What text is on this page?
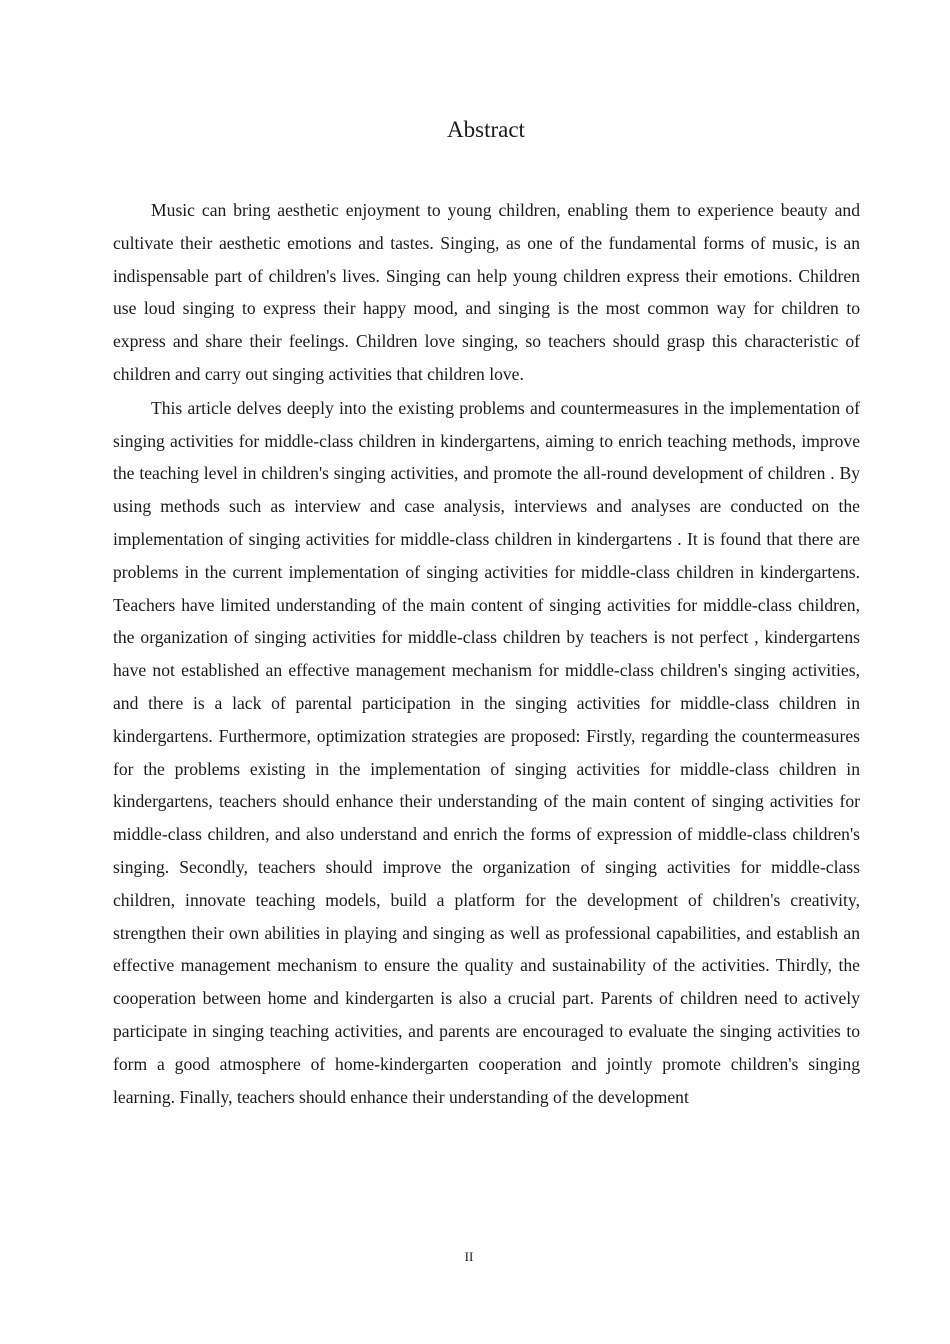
Abstract

Music can bring aesthetic enjoyment to young children, enabling them to experience beauty and cultivate their aesthetic emotions and tastes. Singing, as one of the fundamental forms of music, is an indispensable part of children's lives. Singing can help young children express their emotions. Children use loud singing to express their happy mood, and singing is the most common way for children to express and share their feelings. Children love singing, so teachers should grasp this characteristic of children and carry out singing activities that children love.

This article delves deeply into the existing problems and countermeasures in the implementation of singing activities for middle-class children in kindergartens, aiming to enrich teaching methods, improve the teaching level in children's singing activities, and promote the all-round development of children . By using methods such as interview and case analysis, interviews and analyses are conducted on the implementation of singing activities for middle-class children in kindergartens . It is found that there are problems in the current implementation of singing activities for middle-class children in kindergartens. Teachers have limited understanding of the main content of singing activities for middle-class children, the organization of singing activities for middle-class children by teachers is not perfect , kindergartens have not established an effective management mechanism for middle-class children's singing activities, and there is a lack of parental participation in the singing activities for middle-class children in kindergartens. Furthermore, optimization strategies are proposed: Firstly, regarding the countermeasures for the problems existing in the implementation of singing activities for middle-class children in kindergartens, teachers should enhance their understanding of the main content of singing activities for middle-class children, and also understand and enrich the forms of expression of middle-class children's singing. Secondly, teachers should improve the organization of singing activities for middle-class children, innovate teaching models, build a platform for the development of children's creativity, strengthen their own abilities in playing and singing as well as professional capabilities, and establish an effective management mechanism to ensure the quality and sustainability of the activities. Thirdly, the cooperation between home and kindergarten is also a crucial part. Parents of children need to actively participate in singing teaching activities, and parents are encouraged to evaluate the singing activities to form a good atmosphere of home-kindergarten cooperation and jointly promote children's singing learning. Finally, teachers should enhance their understanding of the development

II
